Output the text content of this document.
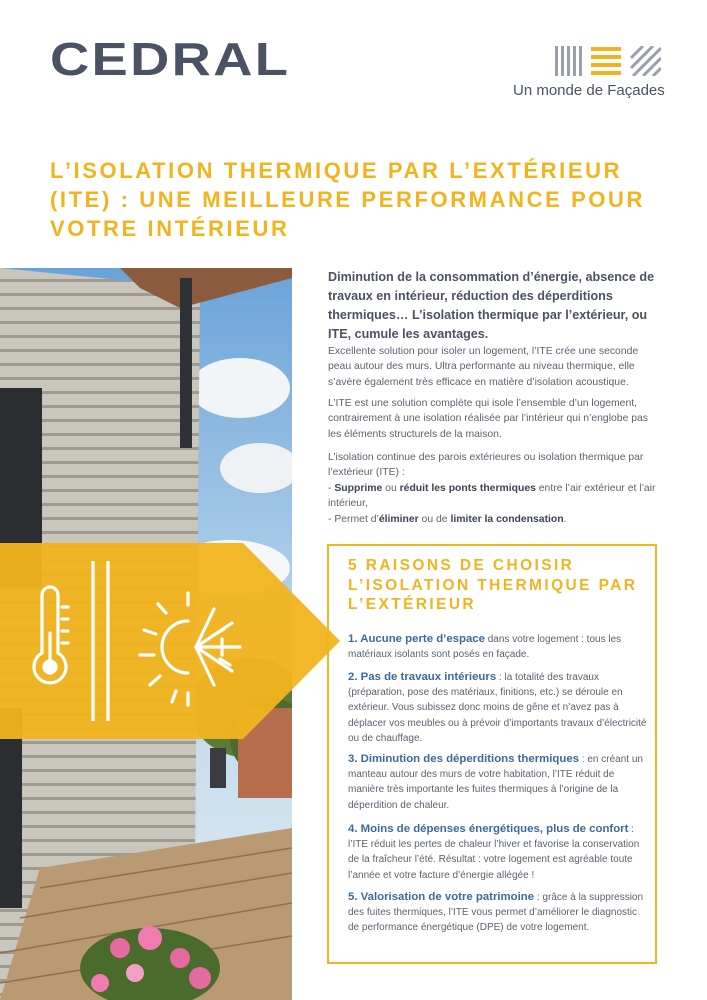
CEDRAL
Un monde de Façades
L’ISOLATION THERMIQUE PAR L’EXTÉRIEUR (ITE) : UNE MEILLEURE PERFORMANCE POUR VOTRE INTÉRIEUR

Diminution de la consommation d’énergie, absence de travaux en intérieur, réduction des déperditions thermiques… L’isolation thermique par l’extérieur, ou ITE, cumule les avantages.

Excellente solution pour isoler un logement, l’ITE crée une seconde peau autour des murs. Ultra performante au niveau thermique, elle s’avère également très efficace en matière d’isolation acoustique.

L’ITE est une solution complète qui isole l’ensemble d’un logement, contrairement à une isolation réalisée par l’intérieur qui n’englobe pas les éléments structurels de la maison.

L’isolation continue des parois extérieures ou isolation thermique par l’extérieur (ITE) :
- Supprime ou réduit les ponts thermiques entre l’air extérieur et l’air intérieur,
- Permet d’éliminer ou de limiter la condensation.

5 RAISONS DE CHOISIR L’ISOLATION THERMIQUE PAR L’EXTÉRIEUR

1. Aucune perte d’espace dans votre logement : tous les matériaux isolants sont posés en façade.

2. Pas de travaux intérieurs : la totalité des travaux (préparation, pose des matériaux, finitions, etc.) se déroule en extérieur. Vous subissez donc moins de gêne et n’avez pas à déplacer vos meubles ou à prévoir d’importants travaux d’électricité ou de chauffage.

3. Diminution des déperditions thermiques : en créant un manteau autour des murs de votre habitation, l’ITE réduit de manière très importante les fuites thermiques à l’origine de la déperdition de chaleur.

4. Moins de dépenses énergétiques, plus de confort : l’ITE réduit les pertes de chaleur l’hiver et favorise la conservation de la fraîcheur l’été. Résultat : votre logement est agréable toute l’année et votre facture d’énergie allégée !

5. Valorisation de votre patrimoine : grâce à la suppression des fuites thermiques, l’ITE vous permet d’améliorer le diagnostic de performance énergétique (DPE) de votre logement.
